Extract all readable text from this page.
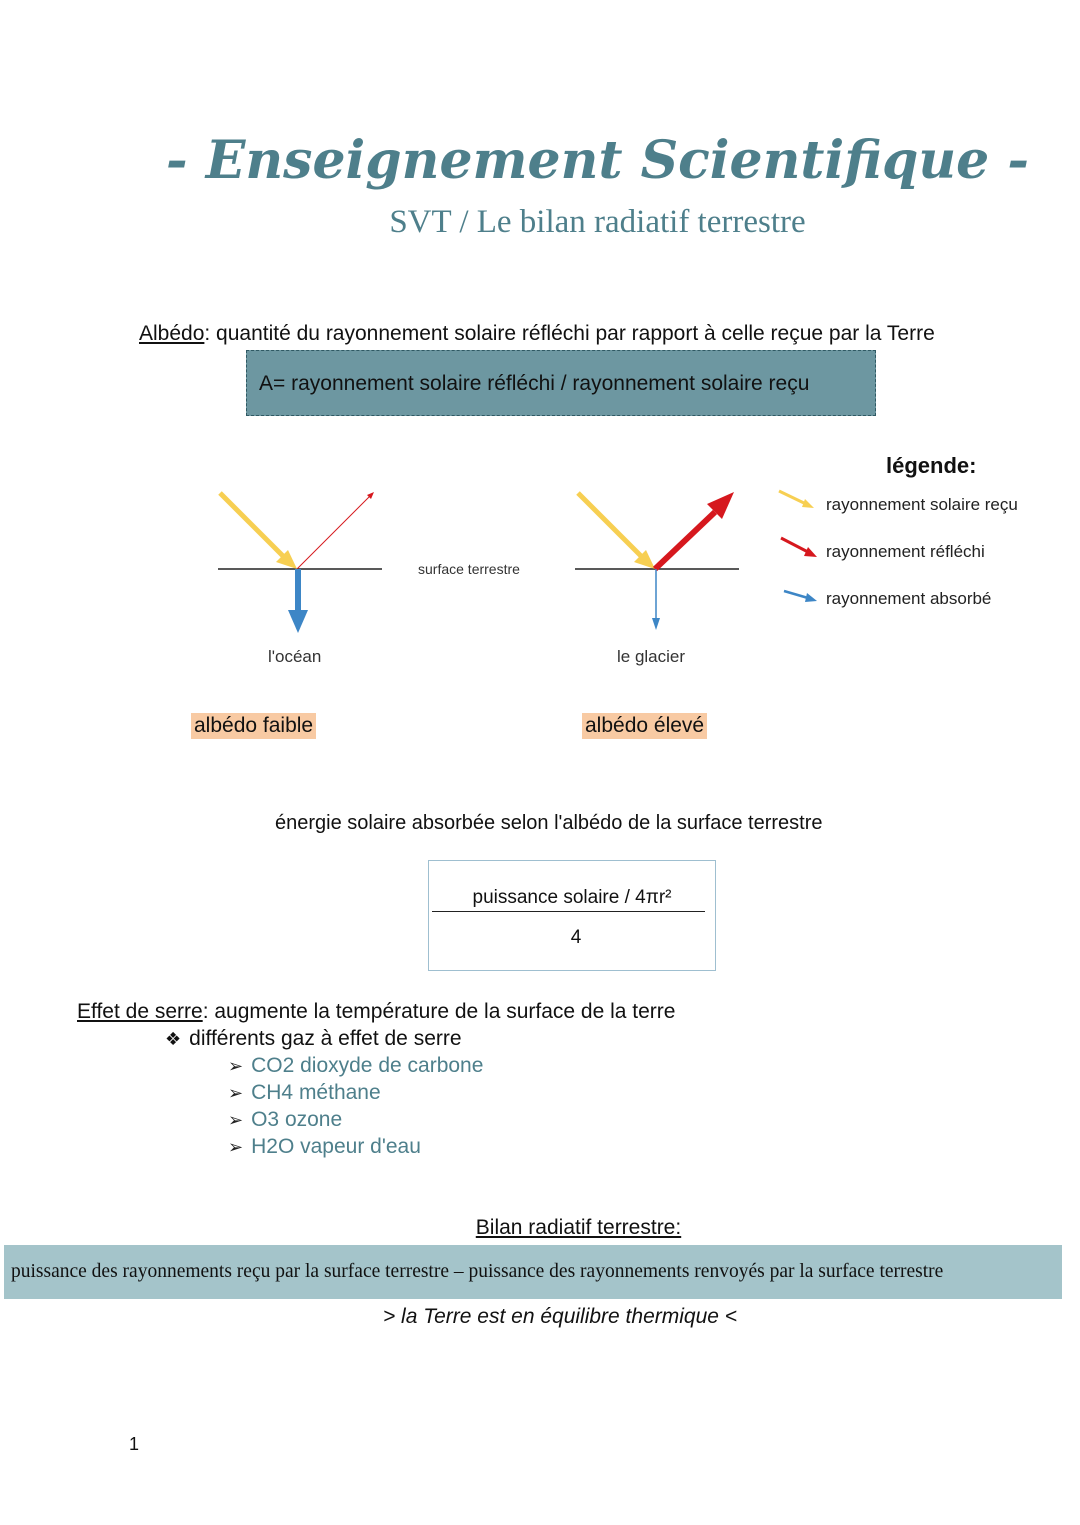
- Enseignement Scientifique -
SVT / Le bilan radiatif terrestre
Albédo: quantité du rayonnement solaire réfléchi par rapport à celle reçue par la Terre
A= rayonnement solaire réfléchi / rayonnement solaire reçu
surface terrestre
l'océan	le glacier
albédo faible	albédo élevé
légende:
rayonnement solaire reçu
rayonnement réfléchi
rayonnement absorbé
énergie solaire absorbée selon l'albédo de la surface terrestre
puissance solaire / 4πr²
4
Effet de serre: augmente la température de la surface de la terre
❖ différents gaz à effet de serre
➢ CO2 dioxyde de carbone
➢ CH4 méthane
➢ O3 ozone
➢ H2O vapeur d'eau
Bilan radiatif terrestre:
puissance des rayonnements reçu par la surface terrestre – puissance des rayonnements renvoyés par la surface terrestre
> la Terre est en équilibre thermique <
1
